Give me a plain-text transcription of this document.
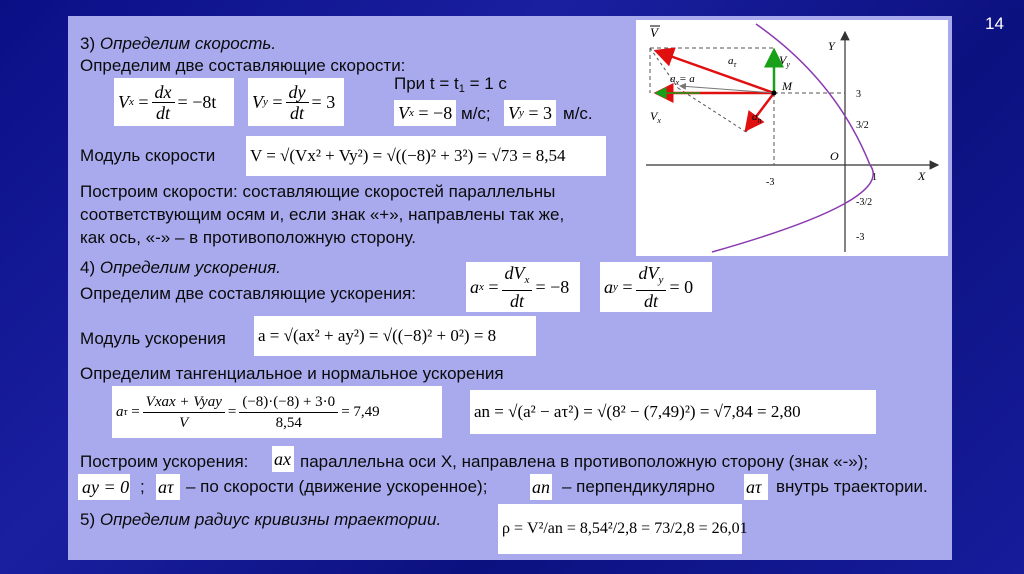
14
3) Определим скорость.
Определим две составляющие скорости:
V $x = \frac{dx}{dt} = -8t$ V $y = \frac{dy}{dt} = 3$
При t = t1 = 1 с
V x
= −8 м/с; V y
= 3 м/с.
Модуль скорости V = √(Vx² + Vy²) = √((−8)² + 3²) = √73 = 8,54
Построим скорости: составляющие скоростей параллельны
соответствующим осям и, если знак «+», направлены так же,
как ось, «-» – в противоположную сторону.
4) Определим ускорения.
Определим две составляющие ускорения:	a $x = \frac{dV_x}{dt} = -8$ a $y = \frac{dV_y}{dt} = 0$
Модуль ускорения a = √(ax² + ay²) = √((−8)² + 0²) = 8
Определим тангенциальное и нормальное ускорения
a $\tau = \frac{\text{Vxax + Vyay}}{V} = \frac{(-8)\cdot(-8) + 3\cdot 0}{8,54} = 7,49$	an = √(a² − aτ²) = √(8² − (7,49)²) = √7,84 = 2,80
Построим ускорения: ax параллельна оси X, направлена в противоположную сторону (знак «-»);
ay = 0 ; aτ – по скорости (движение ускоренное); an – перпендикулярно aτ внутрь траектории.
5) Определим радиус кривизны траектории.	ρ = V²/an = 8,54²/2,8 = 73/2,8 = 26,01
V
$V_y$
$V_x$
$a_\tau$
$a_x= a$
$a_n$
M
O
X
Y
3
3/2
-3/2
-3
-3	1
